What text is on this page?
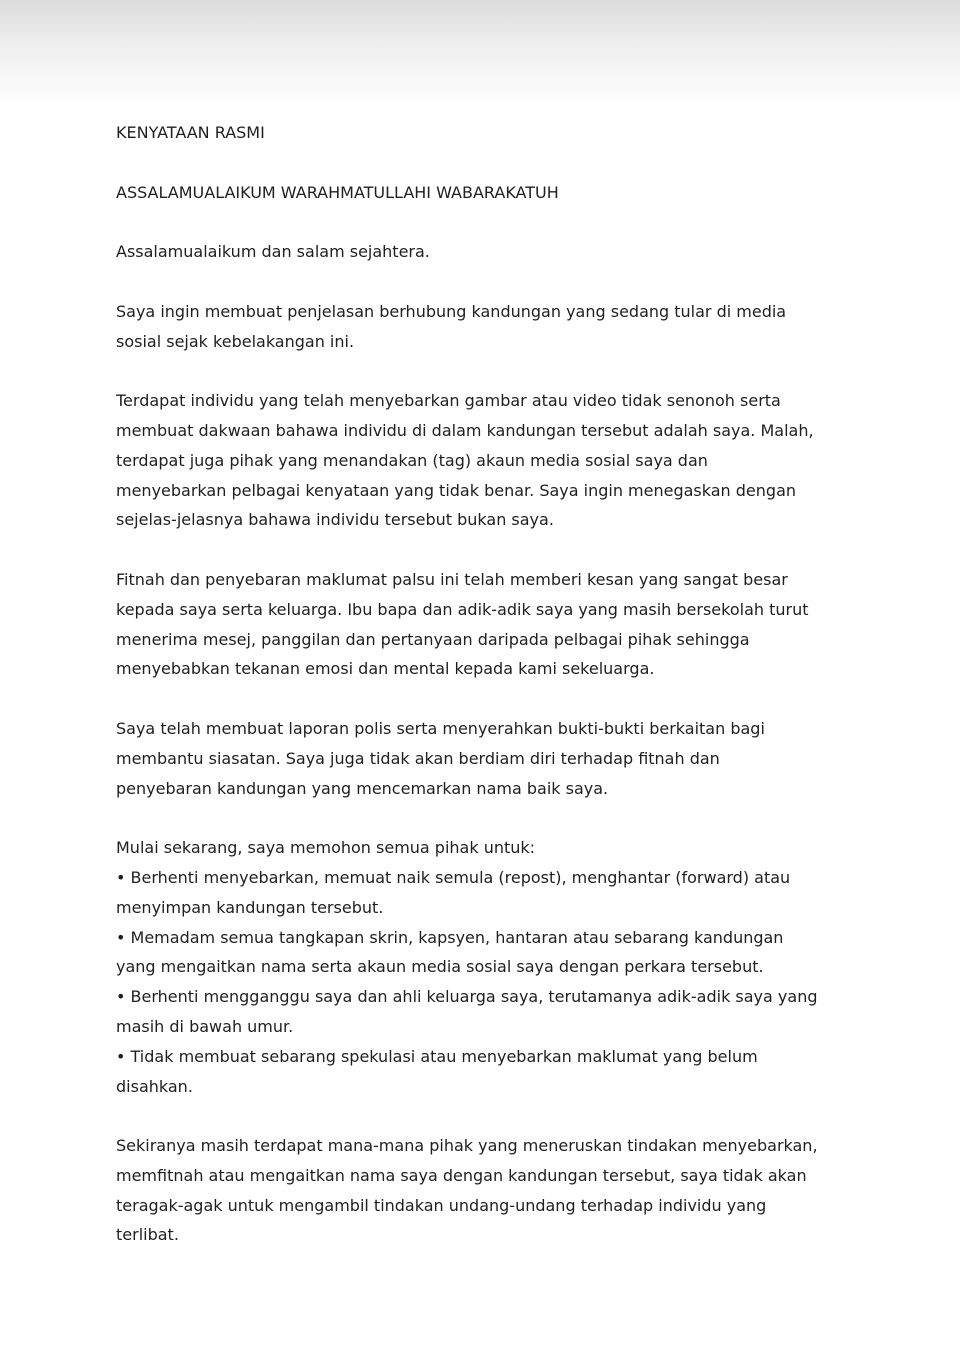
KENYATAAN RASMI

ASSALAMUALAIKUM WARAHMATULLAHI WABARAKATUH

Assalamualaikum dan salam sejahtera.

Saya ingin membuat penjelasan berhubung kandungan yang sedang tular di media
sosial sejak kebelakangan ini.

Terdapat individu yang telah menyebarkan gambar atau video tidak senonoh serta
membuat dakwaan bahawa individu di dalam kandungan tersebut adalah saya. Malah,
terdapat juga pihak yang menandakan (tag) akaun media sosial saya dan
menyebarkan pelbagai kenyataan yang tidak benar. Saya ingin menegaskan dengan
sejelas-jelasnya bahawa individu tersebut bukan saya.

Fitnah dan penyebaran maklumat palsu ini telah memberi kesan yang sangat besar
kepada saya serta keluarga. Ibu bapa dan adik-adik saya yang masih bersekolah turut
menerima mesej, panggilan dan pertanyaan daripada pelbagai pihak sehingga
menyebabkan tekanan emosi dan mental kepada kami sekeluarga.

Saya telah membuat laporan polis serta menyerahkan bukti-bukti berkaitan bagi
membantu siasatan. Saya juga tidak akan berdiam diri terhadap fitnah dan
penyebaran kandungan yang mencemarkan nama baik saya.

Mulai sekarang, saya memohon semua pihak untuk:

• Berhenti menyebarkan, memuat naik semula (repost), menghantar (forward) atau
menyimpan kandungan tersebut.

• Memadam semua tangkapan skrin, kapsyen, hantaran atau sebarang kandungan
yang mengaitkan nama serta akaun media sosial saya dengan perkara tersebut.

• Berhenti mengganggu saya dan ahli keluarga saya, terutamanya adik-adik saya yang
masih di bawah umur.

• Tidak membuat sebarang spekulasi atau menyebarkan maklumat yang belum
disahkan.

Sekiranya masih terdapat mana-mana pihak yang meneruskan tindakan menyebarkan,
memfitnah atau mengaitkan nama saya dengan kandungan tersebut, saya tidak akan
teragak-agak untuk mengambil tindakan undang-undang terhadap individu yang
terlibat.
